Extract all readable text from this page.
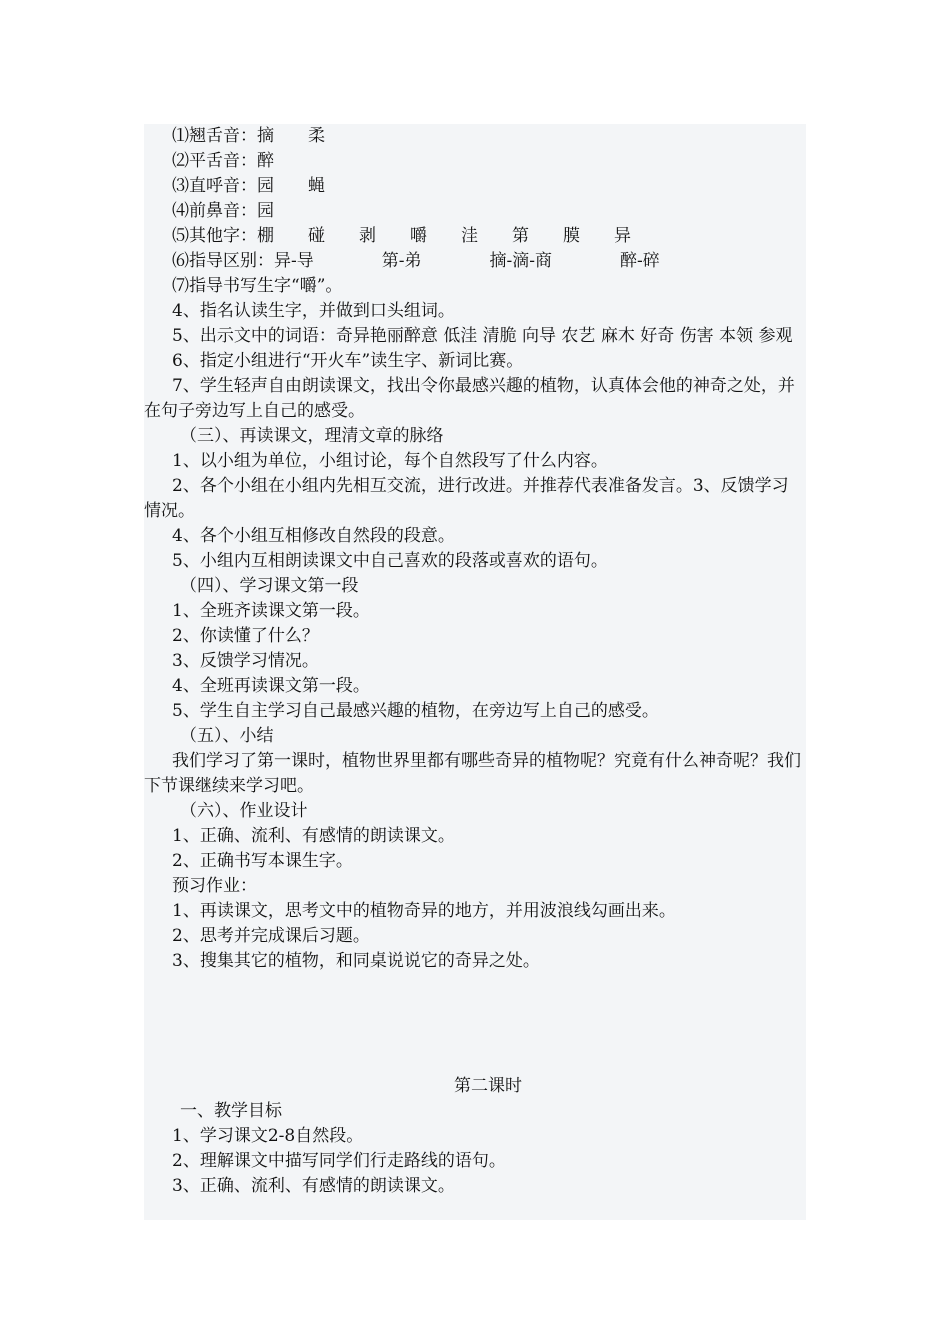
⑴翘舌音：摘　　柔
⑵平舌音：醉
⑶直呼音：园　　蝇
⑷前鼻音：园
⑸其他字：棚　　碰　　剥　　嚼　　洼　　第　　膜　　异
⑹指导区别：异-导　　　　第-弟　　　　摘-滴-商　　　　醉-碎
⑺指导书写生字“嚼”。
4、指名认读生字，并做到口头组词。
5、出示文中的词语：奇异艳丽醉意 低洼 清脆 向导 农艺 麻木 好奇 伤害 本领 参观
6、指定小组进行“开火车”读生字、新词比赛。
7、学生轻声自由朗读课文，找出令你最感兴趣的植物，认真体会他的神奇之处，并在句子旁边写上自己的感受。
（三）、再读课文，理清文章的脉络
1、以小组为单位，小组讨论，每个自然段写了什么内容。
2、各个小组在小组内先相互交流，进行改进。并推荐代表准备发言。3、反馈学习情况。
4、各个小组互相修改自然段的段意。
5、小组内互相朗读课文中自己喜欢的段落或喜欢的语句。
（四）、学习课文第一段
1、全班齐读课文第一段。
2、你读懂了什么？
3、反馈学习情况。
4、全班再读课文第一段。
5、学生自主学习自己最感兴趣的植物，在旁边写上自己的感受。
（五）、小结
我们学习了第一课时，植物世界里都有哪些奇异的植物呢？究竟有什么神奇呢？我们下节课继续来学习吧。
（六）、作业设计
1、正确、流利、有感情的朗读课文。
2、正确书写本课生字。
预习作业：
1、再读课文，思考文中的植物奇异的地方，并用波浪线勾画出来。
2、思考并完成课后习题。
3、搜集其它的植物，和同桌说说它的奇异之处。
第二课时
一、教学目标
1、学习课文2-8自然段。
2、理解课文中描写同学们行走路线的语句。
3、正确、流利、有感情的朗读课文。
